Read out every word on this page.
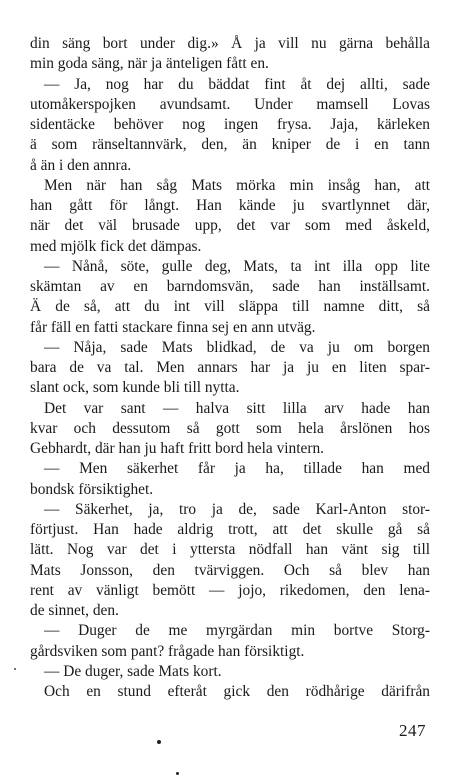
din säng bort under dig.» Å ja vill nu gärna behålla
min goda säng, när ja änteligen fått en.
— Ja, nog har du bäddat fint åt dej allti, sade
utomåkerspojken avundsamt. Under mamsell Lovas
sidentäcke behöver nog ingen frysa. Jaja, kärleken
ä som ränseltannvärk, den, än kniper de i en tann
å än i den annra.
Men när han såg Mats mörka min insåg han, att
han gått för långt. Han kände ju svartlynnet där,
när det väl brusade upp, det var som med åskeld,
med mjölk fick det dämpas.
— Nånå, söte, gulle deg, Mats, ta int illa opp lite
skämtan av en barndomsvän, sade han inställsamt.
Ä de så, att du int vill släppa till namne ditt, så
får fäll en fatti stackare finna sej en ann utväg.
— Nåja, sade Mats blidkad, de va ju om borgen
bara de va tal. Men annars har ja ju en liten spar-
slant ock, som kunde bli till nytta.
Det var sant — halva sitt lilla arv hade han
kvar och dessutom så gott som hela årslönen hos
Gebhardt, där han ju haft fritt bord hela vintern.
— Men säkerhet får ja ha, tillade han med
bondsk försiktighet.
— Säkerhet, ja, tro ja de, sade Karl-Anton stor-
förtjust. Han hade aldrig trott, att det skulle gå så
lätt. Nog var det i yttersta nödfall han vänt sig till
Mats Jonsson, den tvärviggen. Och så blev han
rent av vänligt bemött — jojo, rikedomen, den lena-
de sinnet, den.
— Duger de me myrgärdan min bortve Storg-
gårdsviken som pant? frågade han försiktigt.
— De duger, sade Mats kort.
Och en stund efteråt gick den rödhårige därifrån
247
